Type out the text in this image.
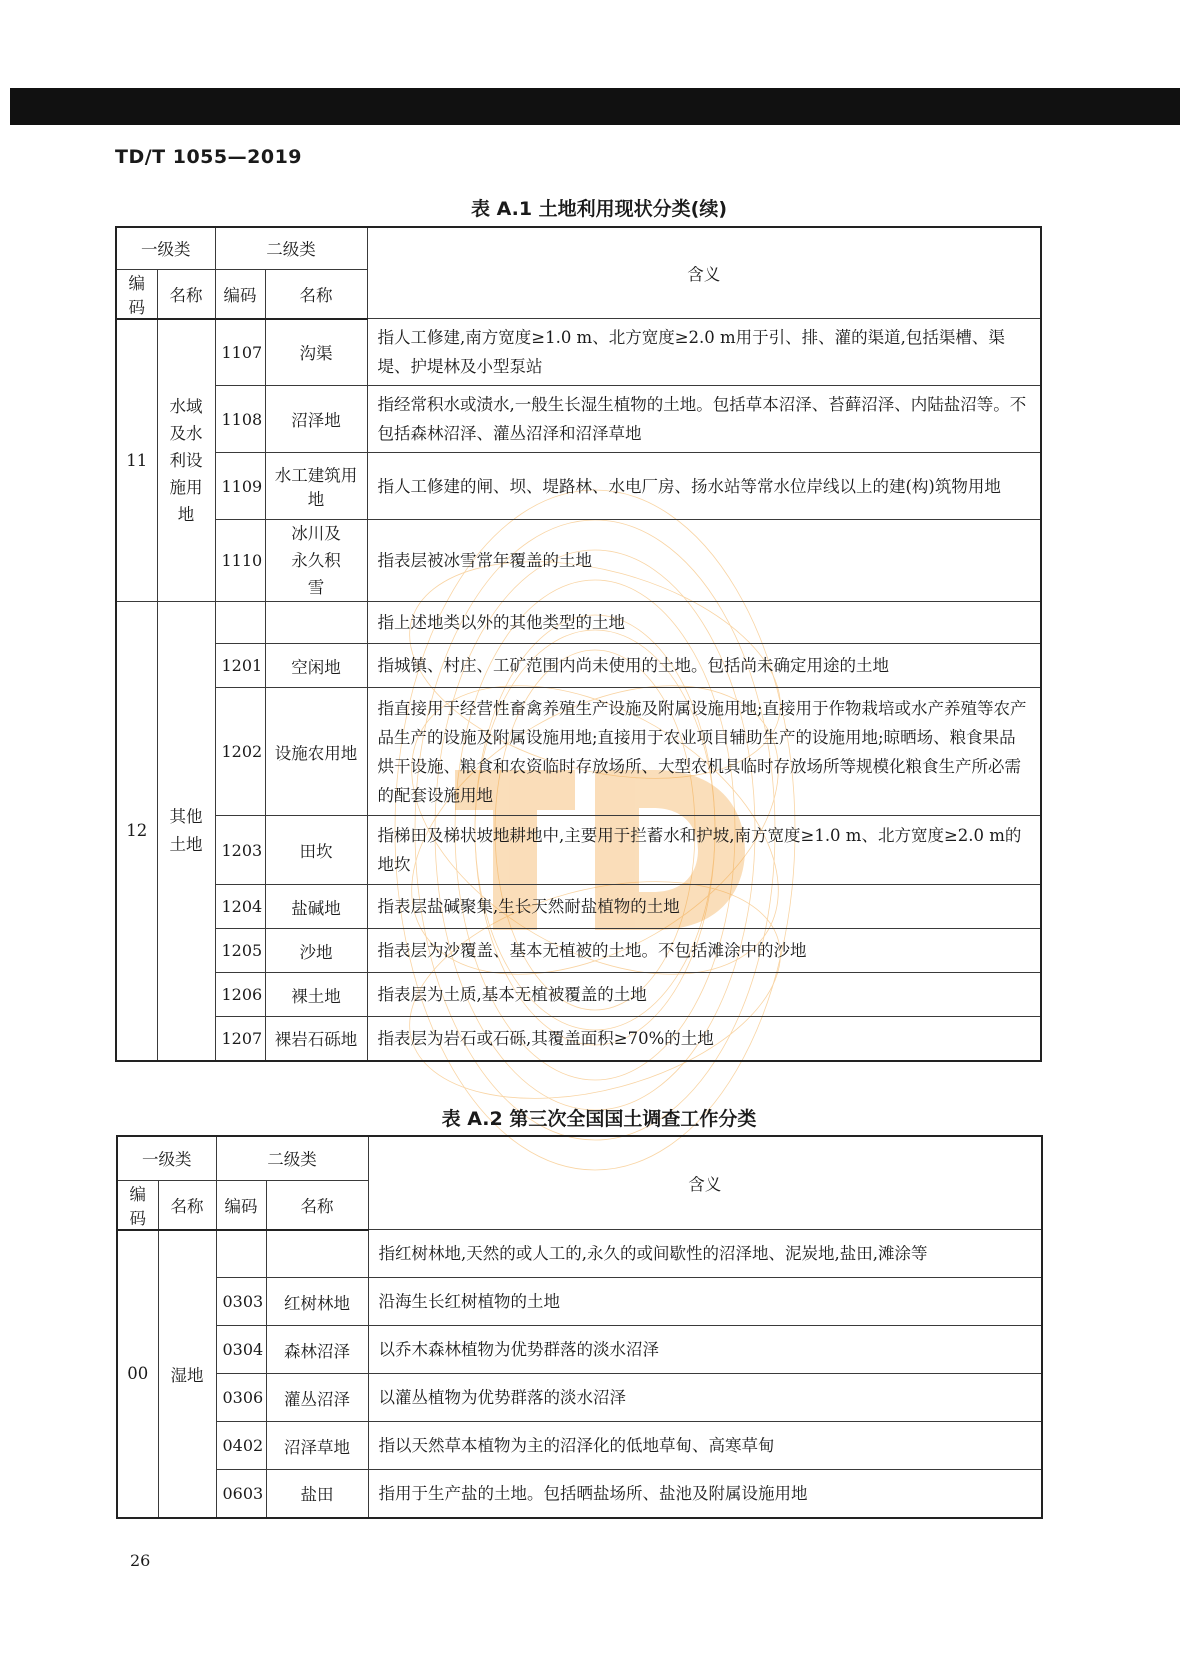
TD/T 1055—2019
表 A.1 土地利用现状分类(续)
一级类		二级类		含义
编码	名称	编码	名称	
11	水域及水利设施用地	1107	沟渠	指人工修建,南方宽度≥1.0 m、北方宽度≥2.0 m用于引、排、灌的渠道,包括渠槽、渠堤、护堤林及小型泵站
		1108	沼泽地	指经常积水或渍水,一般生长湿生植物的土地。包括草本沼泽、苔藓沼泽、内陆盐沼等。不包括森林沼泽、灌丛沼泽和沼泽草地
		1109	水工建筑用地	指人工修建的闸、坝、堤路林、水电厂房、扬水站等常水位岸线以上的建(构)筑物用地
		1110	冰川及永久积雪	指表层被冰雪常年覆盖的土地
12	其他土地			指上述地类以外的其他类型的土地
		1201	空闲地	指城镇、村庄、工矿范围内尚未使用的土地。包括尚未确定用途的土地
		1202	设施农用地	指直接用于经营性畜禽养殖生产设施及附属设施用地;直接用于作物栽培或水产养殖等农产品生产的设施及附属设施用地;直接用于农业项目辅助生产的设施用地;晾晒场、粮食果品烘干设施、粮食和农资临时存放场所、大型农机具临时存放场所等规模化粮食生产所必需的配套设施用地
		1203	田坎	指梯田及梯状坡地耕地中,主要用于拦蓄水和护坡,南方宽度≥1.0 m、北方宽度≥2.0 m的地坎
		1204	盐碱地	指表层盐碱聚集,生长天然耐盐植物的土地
		1205	沙地	指表层为沙覆盖、基本无植被的土地。不包括滩涂中的沙地
		1206	裸土地	指表层为土质,基本无植被覆盖的土地
		1207	裸岩石砾地	指表层为岩石或石砾,其覆盖面积≥70%的土地
表 A.2 第三次全国国土调查工作分类
一级类		二级类		含义
编码	名称	编码	名称	
00	湿地			指红树林地,天然的或人工的,永久的或间歇性的沼泽地、泥炭地,盐田,滩涂等
		0303	红树林地	沿海生长红树植物的土地
		0304	森林沼泽	以乔木森林植物为优势群落的淡水沼泽
		0306	灌丛沼泽	以灌丛植物为优势群落的淡水沼泽
		0402	沼泽草地	指以天然草本植物为主的沼泽化的低地草甸、高寒草甸
		0603	盐田	指用于生产盐的土地。包括晒盐场所、盐池及附属设施用地
26
